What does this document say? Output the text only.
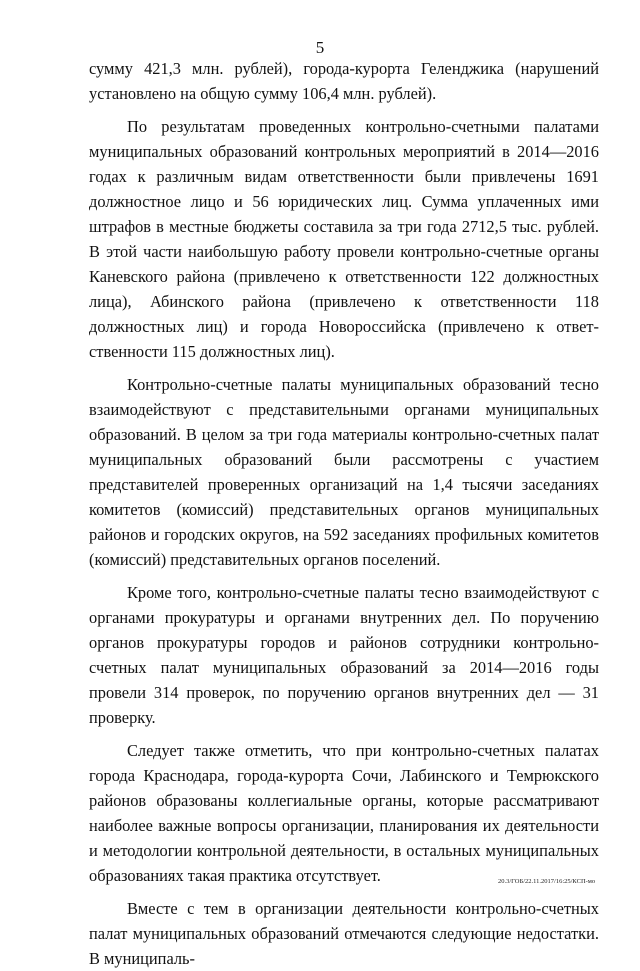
5

сумму 421,3 млн. рублей), города-курорта Геленджика (нарушений установлено на общую сумму 106,4 млн. рублей).

По результатам проведенных контрольно-счетными палатами муниципальных образований контрольных мероприятий в 2014—2016 годах к различным видам ответственности были привлечены 1691 должностное лицо и 56 юридических лиц. Сумма уплаченных ими штрафов в местные бюджеты составила за три года 2712,5 тыс. рублей. В этой части наибольшую работу провели контрольно-счетные органы Каневского района (привлечено к ответственности 122 должностных лица), Абинского района (привлечено к ответственности 118 должностных лиц) и города Новороссийска (привлечено к ответственности 115 должностных лиц).

Контрольно-счетные палаты муниципальных образований тесно взаимодействуют с представительными органами муниципальных образований. В целом за три года материалы контрольно-счетных палат муниципальных образований были рассмотрены с участием представителей проверенных организаций на 1,4 тысячи заседаниях комитетов (комиссий) представительных органов муниципальных районов и городских округов, на 592 заседаниях профильных комитетов (комиссий) представительных органов поселений.

Кроме того, контрольно-счетные палаты тесно взаимодействуют с органами прокуратуры и органами внутренних дел. По поручению органов прокуратуры городов и районов сотрудники контрольно-счетных палат муниципальных образований за 2014—2016 годы провели 314 проверок, по поручению органов внутренних дел — 31 проверку.

Следует также отметить, что при контрольно-счетных палатах города Краснодара, города-курорта Сочи, Лабинского и Темрюкского районов образованы коллегиальные органы, которые рассматривают наиболее важные вопросы организации, планирования их деятельности и методологии контрольной деятельности, в остальных муниципальных образованиях такая практика отсутствует.

Вместе с тем в организации деятельности контрольно-счетных палат муниципальных образований отмечаются следующие недостатки. В муниципаль-

20.3/ГОБ/22.11.2017/16:25/КСП-мо
